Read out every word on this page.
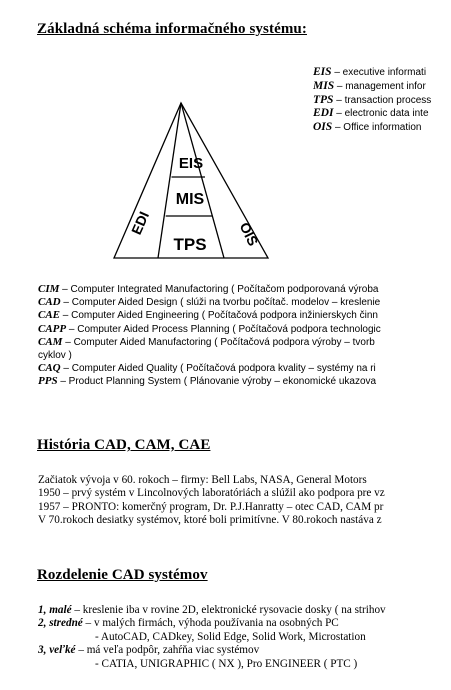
Základná schéma informačného systému:
EIS – executive informati
MIS – management infor
TPS – transaction process
EDI – electronic data inte
OIS – Office information
EIS
MIS
TPS
EDI	OIS
CIM – Computer Integrated Manufactoring ( Počítačom podporovaná výroba
CAD – Computer Aided Design ( slúži na tvorbu počítač. modelov – kreslenie
CAE – Computer Aided Engineering ( Počítačová podpora inžinierskych činn
CAPP – Computer Aided Process Planning ( Počítačová podpora technologic
CAM – Computer Aided Manufactoring ( Počítačová podpora výroby – tvorb
cyklov )
CAQ – Computer Aided Quality ( Počítačová podpora kvality – systémy na ri
PPS – Product Planning System ( Plánovanie výroby – ekonomické ukazova
História CAD, CAM, CAE
Začiatok vývoja v 60. rokoch – firmy: Bell Labs, NASA, General Motors
1950 – prvý systém v Lincolnových laboratóriách a slúžil ako podpora pre vz
1957 – PRONTO: komerčný program, Dr. P.J.Hanratty – otec CAD, CAM pr
V 70.rokoch desiatky systémov, ktoré boli primitívne. V 80.rokoch nastáva z
Rozdelenie CAD systémov
1, malé – kreslenie iba v rovine 2D, elektronické rysovacie dosky ( na strihov
2, stredné – v malých firmách, výhoda používania na osobných PC
- AutoCAD, CADkey, Solid Edge, Solid Work, Microstation
3, veľké – má veľa podpôr, zahŕňa viac systémov
- CATIA, UNIGRAPHIC ( NX ), Pro ENGINEER ( PTC )
